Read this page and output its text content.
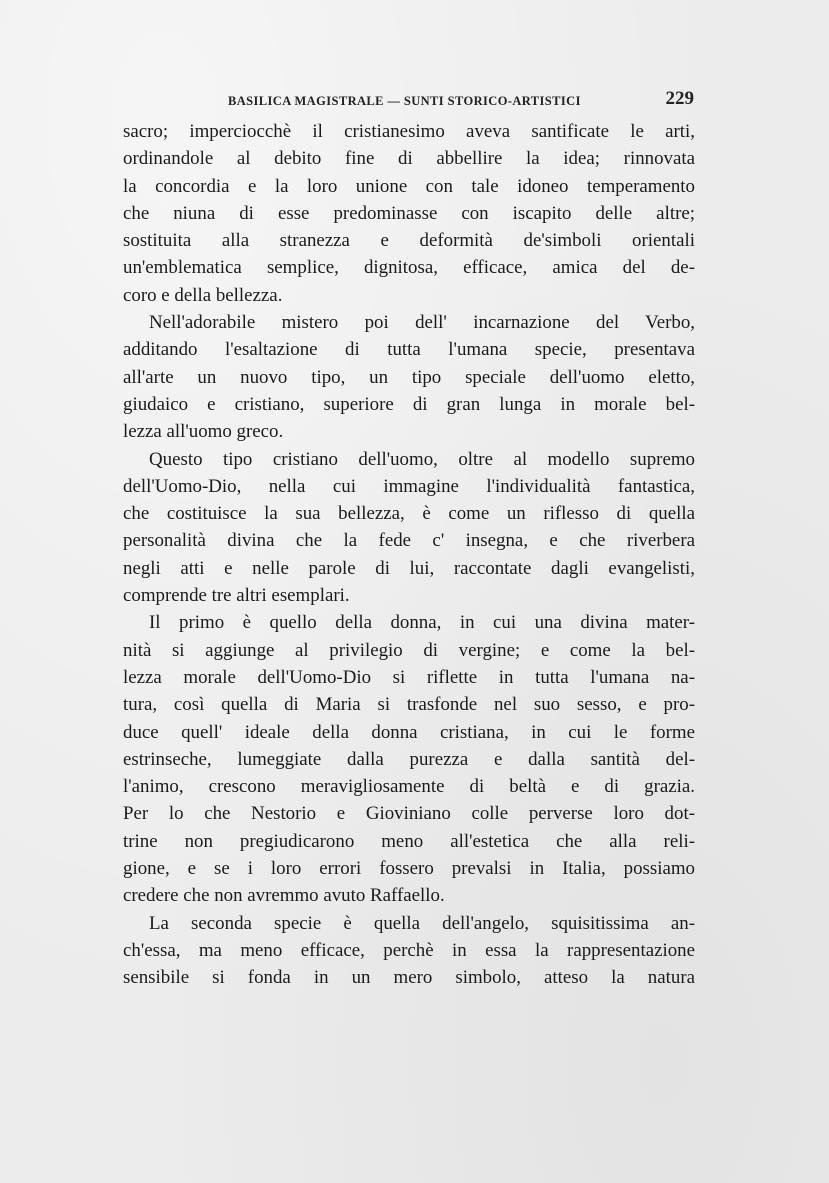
BASILICA MAGISTRALE — SUNTI STORICO-ARTISTICI	229
sacro; imperciocchè il cristianesimo aveva santificate le arti,
ordinandole al debito fine di abbellire la idea; rinnovata
la concordia e la loro unione con tale idoneo temperamento
che niuna di esse predominasse con iscapito delle altre;
sostituita alla stranezza e deformità de'simboli orientali
un'emblematica semplice, dignitosa, efficace, amica del de-
coro e della bellezza.
Nell'adorabile mistero poi dell' incarnazione del Verbo,
additando l'esaltazione di tutta l'umana specie, presentava
all'arte un nuovo tipo, un tipo speciale dell'uomo eletto,
giudaico e cristiano, superiore di gran lunga in morale bel-
lezza all'uomo greco.
Questo tipo cristiano dell'uomo, oltre al modello supremo
dell'Uomo-Dio, nella cui immagine l'individualità fantastica,
che costituisce la sua bellezza, è come un riflesso di quella
personalità divina che la fede c' insegna, e che riverbera
negli atti e nelle parole di lui, raccontate dagli evangelisti,
comprende tre altri esemplari.
Il primo è quello della donna, in cui una divina mater-
nità si aggiunge al privilegio di vergine; e come la bel-
lezza morale dell'Uomo-Dio si riflette in tutta l'umana na-
tura, così quella di Maria si trasfonde nel suo sesso, e pro-
duce quell' ideale della donna cristiana, in cui le forme
estrinseche, lumeggiate dalla purezza e dalla santità del-
l'animo, crescono meravigliosamente di beltà e di grazia.
Per lo che Nestorio e Gioviniano colle perverse loro dot-
trine non pregiudicarono meno all'estetica che alla reli-
gione, e se i loro errori fossero prevalsi in Italia, possiamo
credere che non avremmo avuto Raffaello.
La seconda specie è quella dell'angelo, squisitissima an-
ch'essa, ma meno efficace, perchè in essa la rappresentazione
sensibile si fonda in un mero simbolo, atteso la natura
